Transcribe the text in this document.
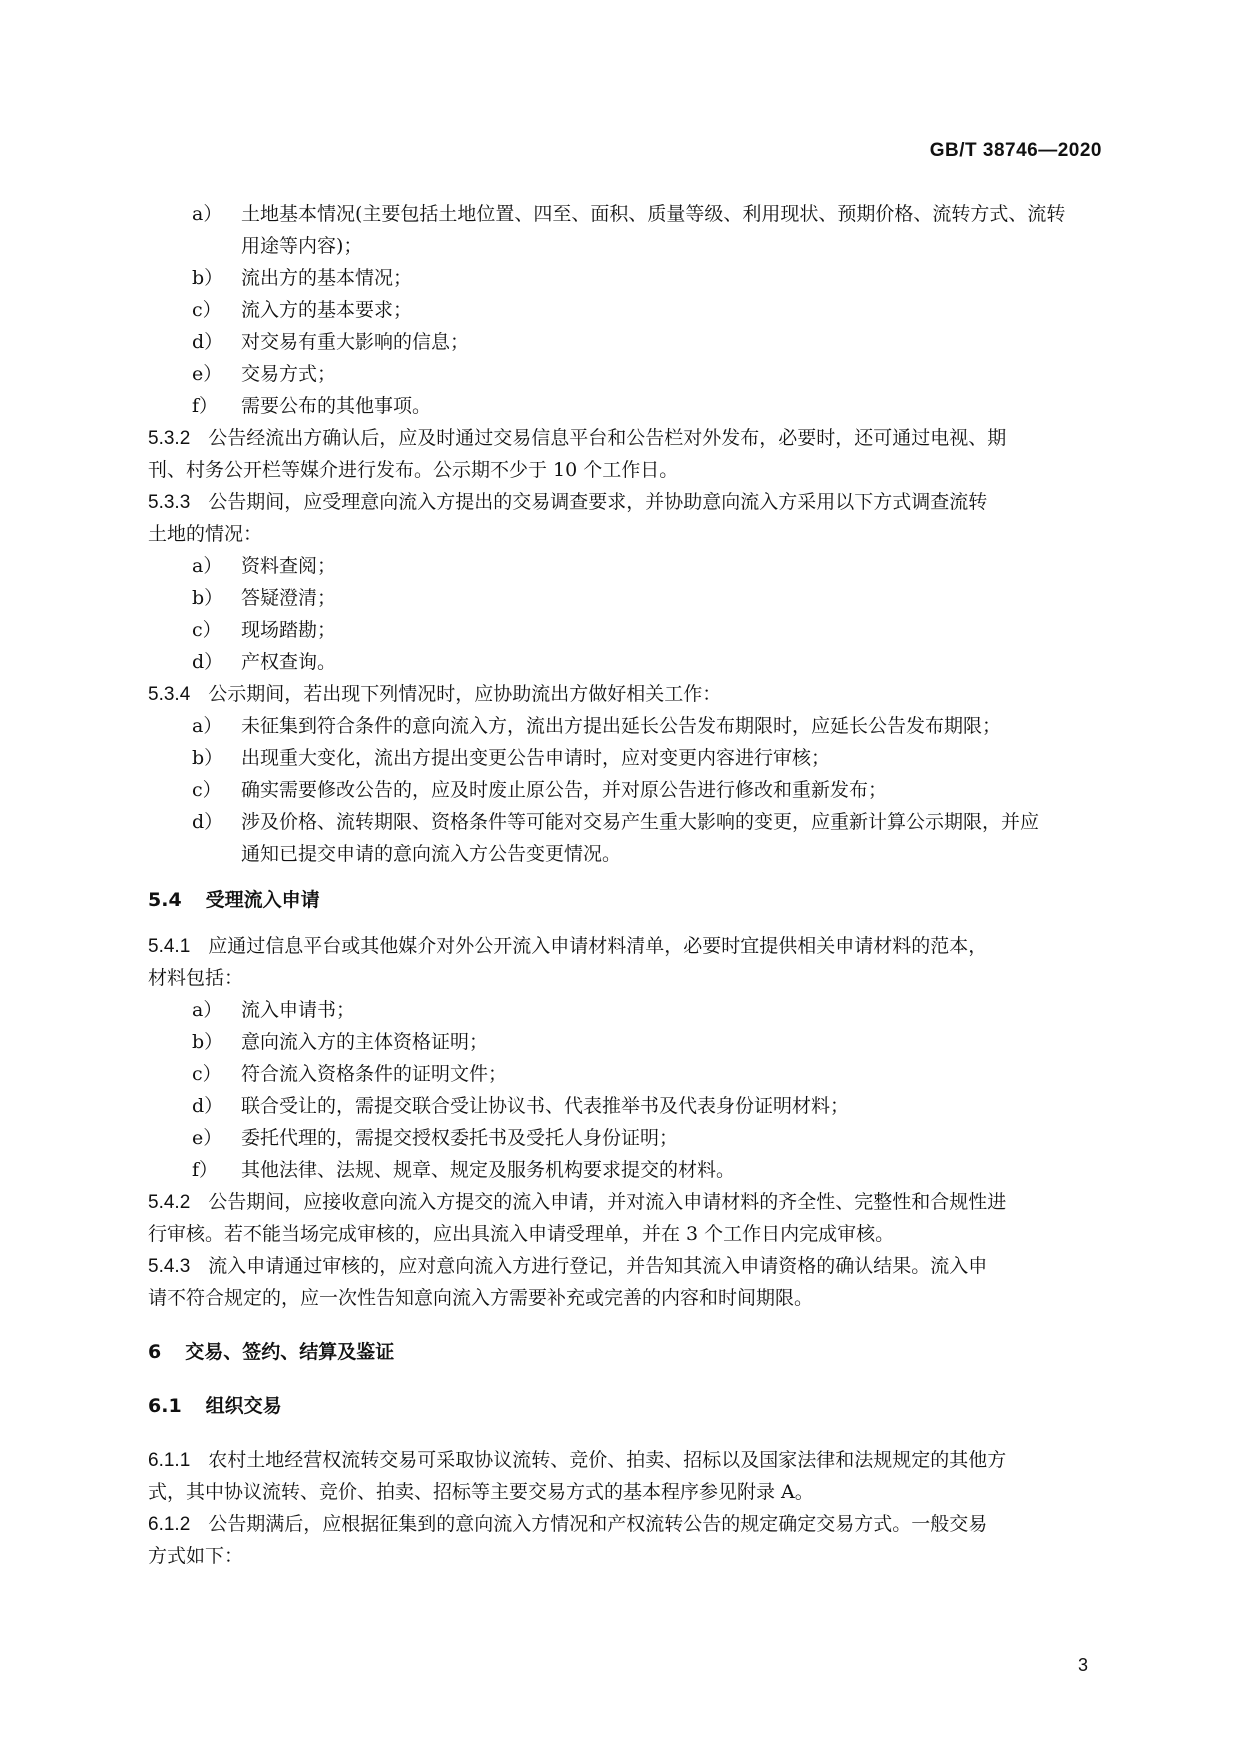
GB/T 38746—2020
a） 土地基本情况(主要包括土地位置、四至、面积、质量等级、利用现状、预期价格、流转方式、流转
用途等内容)；
b） 流出方的基本情况；
c） 流入方的基本要求；
d） 对交易有重大影响的信息；
e） 交易方式；
f） 需要公布的其他事项。
5.3.2 公告经流出方确认后，应及时通过交易信息平台和公告栏对外发布，必要时，还可通过电视、期
刊、村务公开栏等媒介进行发布。公示期不少于 10 个工作日。
5.3.3 公告期间，应受理意向流入方提出的交易调查要求，并协助意向流入方采用以下方式调查流转
土地的情况：
a） 资料查阅；
b） 答疑澄清；
c） 现场踏勘；
d） 产权查询。
5.3.4 公示期间，若出现下列情况时，应协助流出方做好相关工作：
a） 未征集到符合条件的意向流入方，流出方提出延长公告发布期限时，应延长公告发布期限；
b） 出现重大变化，流出方提出变更公告申请时，应对变更内容进行审核；
c） 确实需要修改公告的，应及时废止原公告，并对原公告进行修改和重新发布；
d） 涉及价格、流转期限、资格条件等可能对交易产生重大影响的变更，应重新计算公示期限，并应
通知已提交申请的意向流入方公告变更情况。
5.4 受理流入申请
5.4.1 应通过信息平台或其他媒介对外公开流入申请材料清单，必要时宜提供相关申请材料的范本，
材料包括：
a） 流入申请书；
b） 意向流入方的主体资格证明；
c） 符合流入资格条件的证明文件；
d） 联合受让的，需提交联合受让协议书、代表推举书及代表身份证明材料；
e） 委托代理的，需提交授权委托书及受托人身份证明；
f） 其他法律、法规、规章、规定及服务机构要求提交的材料。
5.4.2 公告期间，应接收意向流入方提交的流入申请，并对流入申请材料的齐全性、完整性和合规性进
行审核。若不能当场完成审核的，应出具流入申请受理单，并在 3 个工作日内完成审核。
5.4.3 流入申请通过审核的，应对意向流入方进行登记，并告知其流入申请资格的确认结果。流入申
请不符合规定的，应一次性告知意向流入方需要补充或完善的内容和时间期限。
6 交易、签约、结算及鉴证
6.1 组织交易
6.1.1 农村土地经营权流转交易可采取协议流转、竞价、拍卖、招标以及国家法律和法规规定的其他方
式，其中协议流转、竞价、拍卖、招标等主要交易方式的基本程序参见附录 A。
6.1.2 公告期满后，应根据征集到的意向流入方情况和产权流转公告的规定确定交易方式。一般交易
方式如下：
3
